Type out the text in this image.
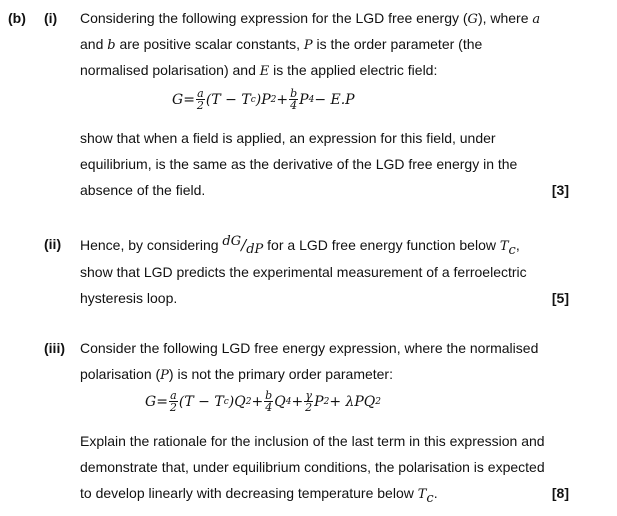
(b) (i) Considering the following expression for the LGD free energy (G), where a
and b are positive scalar constants, P is the order parameter (the
normalised polarisation) and E is the applied electric field:
$G = \frac{a}{2} (T - T$ c )P $2 + \frac{b}{4}$ P 4 − E.P
show that when a field is applied, an expression for this field, under
equilibrium, is the same as the derivative of the LGD free energy in the
absence of the field.	[3]
(ii) Hence, by considering dG/dP for a LGD free energy function below $T_c$,
show that LGD predicts the experimental measurement of a ferroelectric
hysteresis loop.	[5]
(iii) Consider the following LGD free energy expression, where the normalised
polarisation (P) is not the primary order parameter:
$G = \frac{a}{2} (T - T$ c )Q $2 + \frac{b}{4}$ Q $4 + \frac{\gamma}{2}$ P 2 + λPQ 2
Explain the rationale for the inclusion of the last term in this expression and
demonstrate that, under equilibrium conditions, the polarisation is expected
to develop linearly with decreasing temperature below $T_c$.	[8]
